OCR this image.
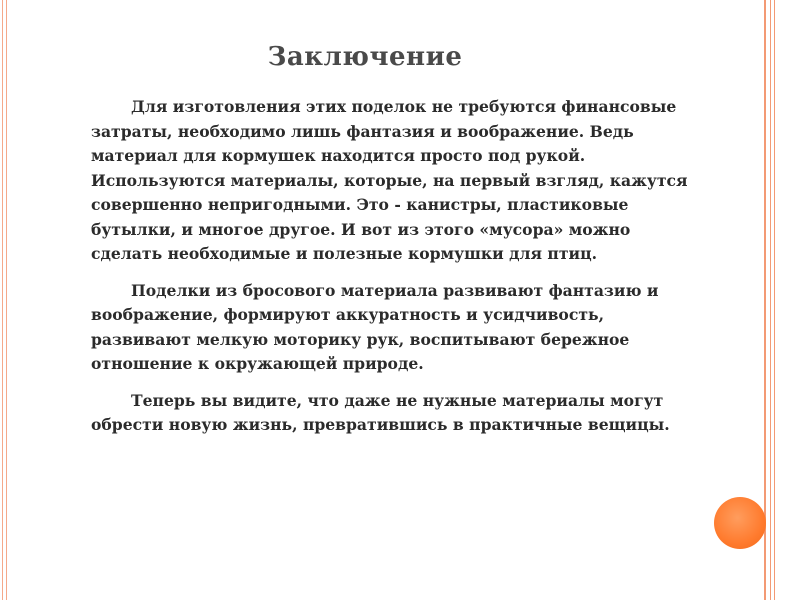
Заключение

Для изготовления этих поделок не требуются финансовые затраты, необходимо лишь фантазия и воображение. Ведь материал для кормушек находится просто под рукой. Используются материалы, которые, на первый взгляд, кажутся совершенно непригодными. Это - канистры, пластиковые бутылки, и многое другое. И вот из этого «мусора» можно сделать необходимые и полезные кормушки для птиц.

Поделки из бросового материала развивают фантазию и воображение, формируют аккуратность и усидчивость, развивают мелкую моторику рук, воспитывают бережное отношение к окружающей природе.

Теперь вы видите, что даже не нужные материалы могут обрести новую жизнь, превратившись в практичные вещицы.
